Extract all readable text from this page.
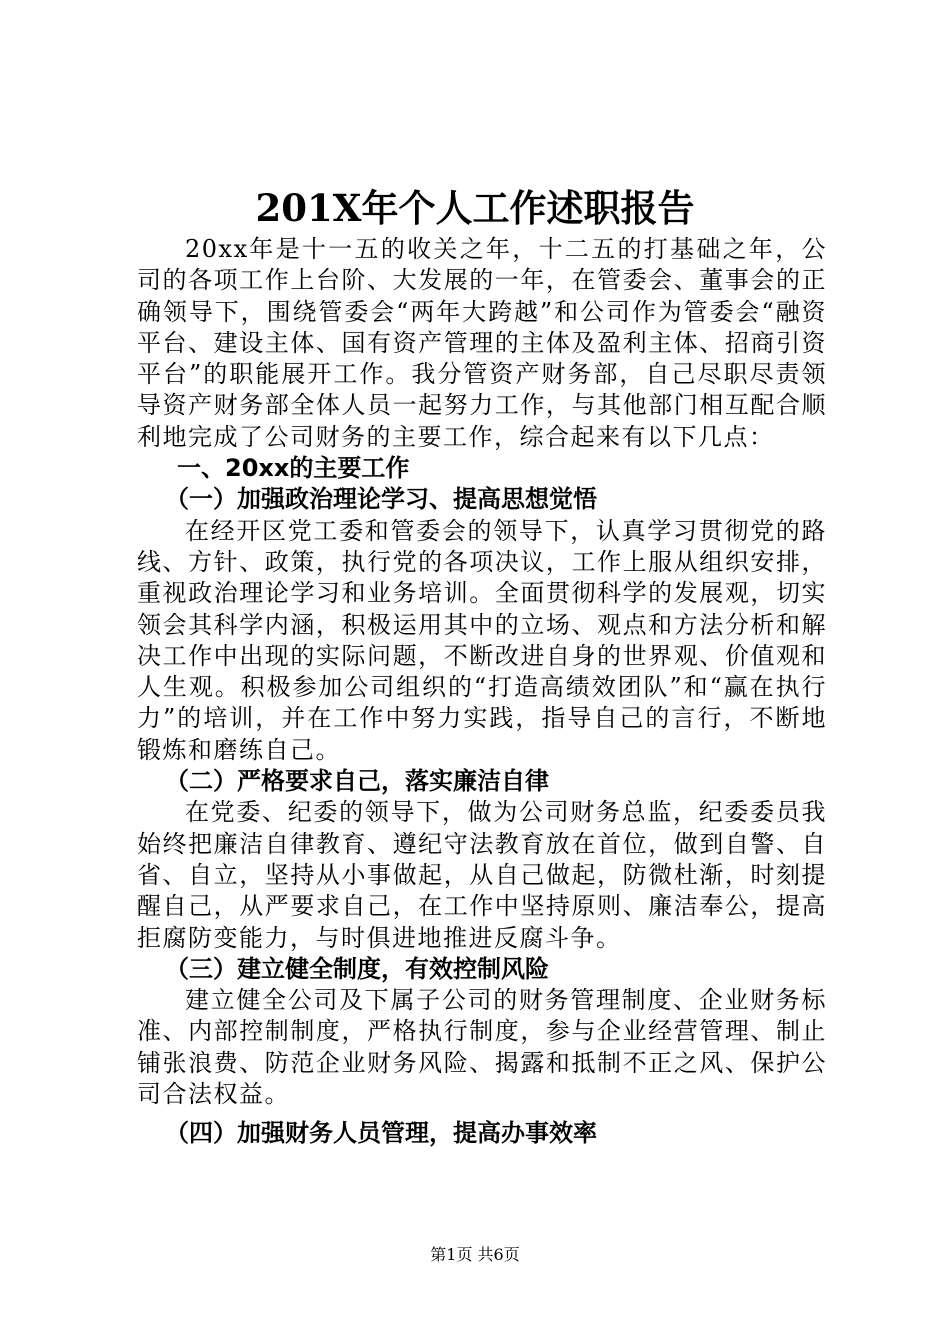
201X年个人工作述职报告

20xx年是十一五的收关之年，十二五的打基础之年，公司的各项工作上台阶、大发展的一年，在管委会、董事会的正确领导下，围绕管委会“两年大跨越”和公司作为管委会“融资平台、建设主体、国有资产管理的主体及盈利主体、招商引资平台”的职能展开工作。我分管资产财务部，自己尽职尽责领导资产财务部全体人员一起努力工作，与其他部门相互配合顺利地完成了公司财务的主要工作，综合起来有以下几点：

一、20xx的主要工作

（一）加强政治理论学习、提高思想觉悟

在经开区党工委和管委会的领导下，认真学习贯彻党的路线、方针、政策，执行党的各项决议，工作上服从组织安排，重视政治理论学习和业务培训。全面贯彻科学的发展观，切实领会其科学内涵，积极运用其中的立场、观点和方法分析和解决工作中出现的实际问题，不断改进自身的世界观、价值观和人生观。积极参加公司组织的“打造高绩效团队”和“赢在执行力”的培训，并在工作中努力实践，指导自己的言行，不断地锻炼和磨练自己。

（二）严格要求自己，落实廉洁自律

在党委、纪委的领导下，做为公司财务总监，纪委委员我始终把廉洁自律教育、遵纪守法教育放在首位，做到自警、自省、自立，坚持从小事做起，从自己做起，防微杜渐，时刻提醒自己，从严要求自己，在工作中坚持原则、廉洁奉公，提高拒腐防变能力，与时俱进地推进反腐斗争。

（三）建立健全制度，有效控制风险

建立健全公司及下属子公司的财务管理制度、企业财务标准、内部控制制度，严格执行制度，参与企业经营管理、制止铺张浪费、防范企业财务风险、揭露和抵制不正之风、保护公司合法权益。

（四）加强财务人员管理，提高办事效率

第1页 共6页
